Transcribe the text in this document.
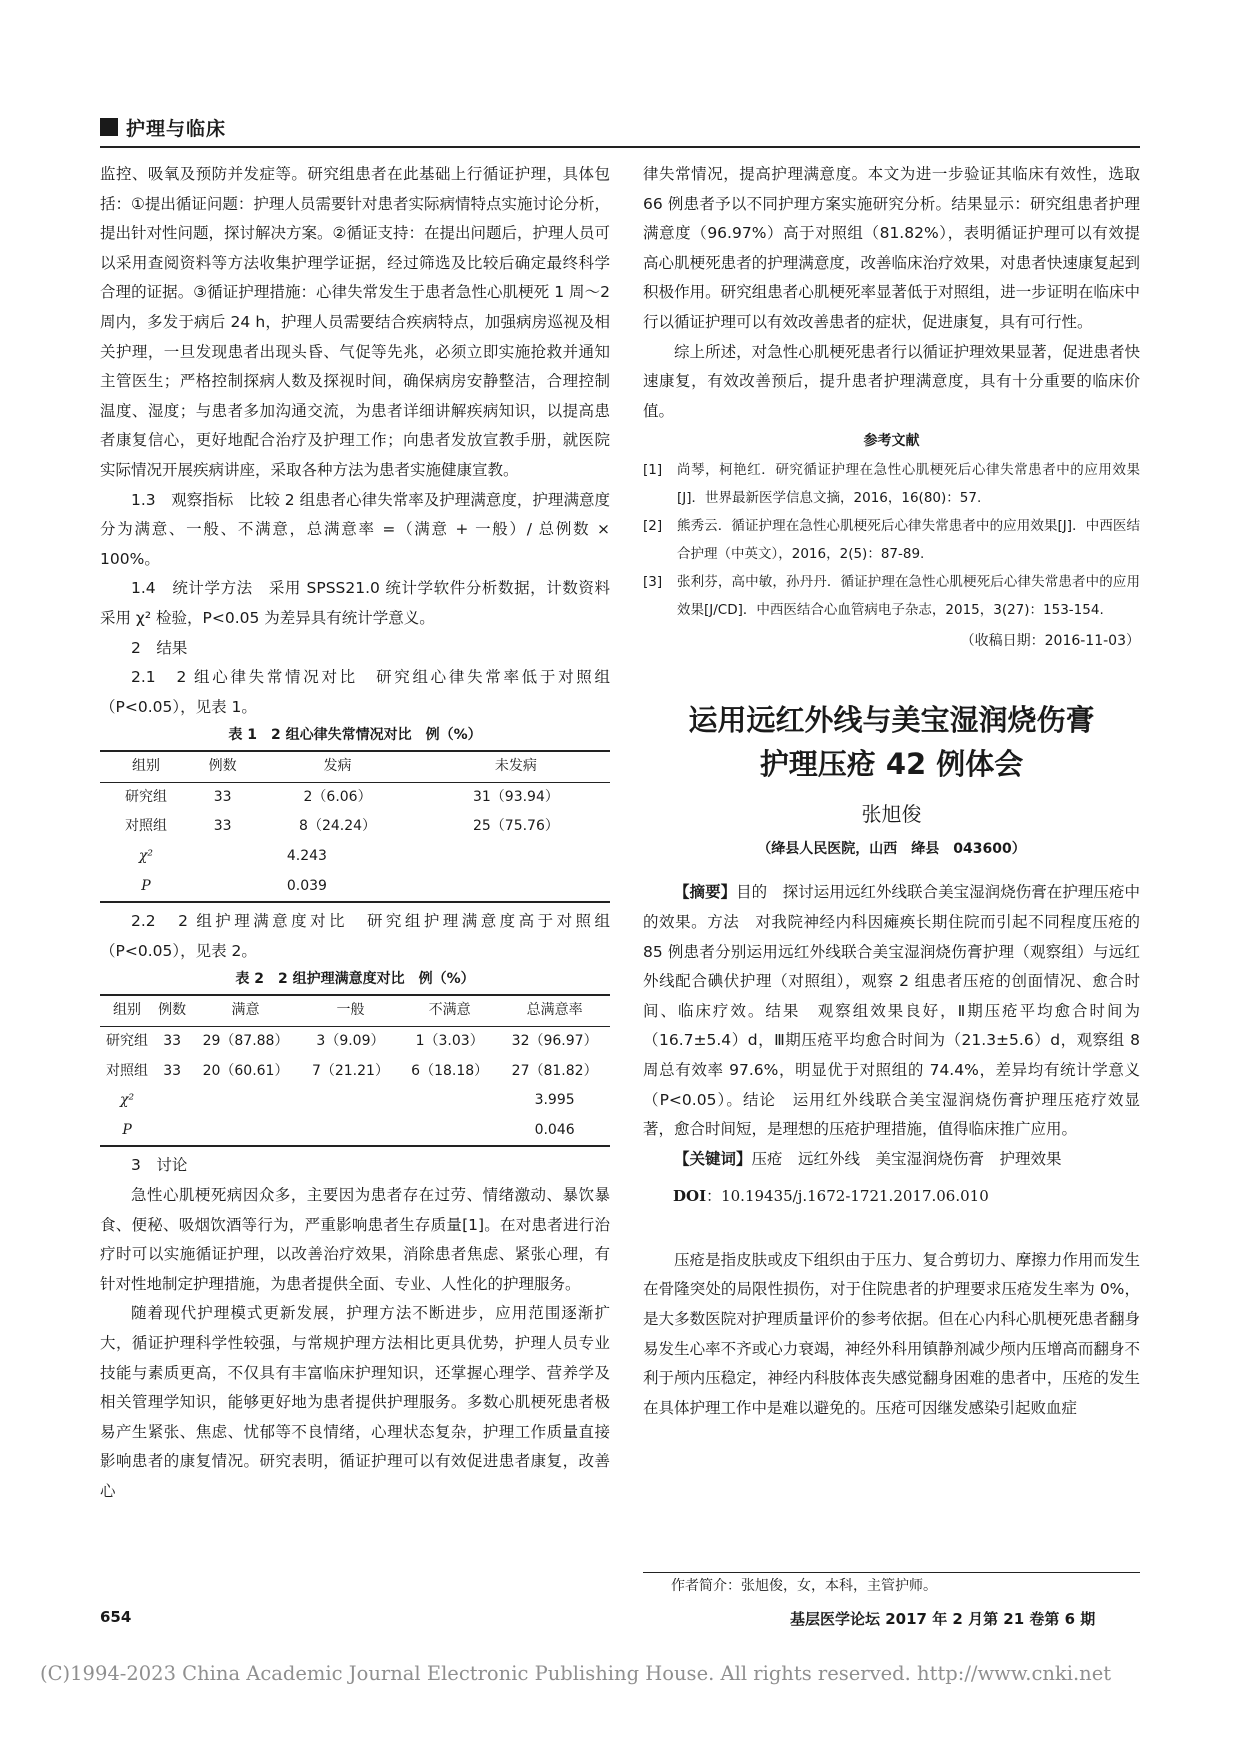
护理与临床

监控、吸氧及预防并发症等。研究组患者在此基础上行循证护理，具体包括：①提出循证问题：护理人员需要针对患者实际病情特点实施讨论分析，提出针对性问题，探讨解决方案。②循证支持：在提出问题后，护理人员可以采用查阅资料等方法收集护理学证据，经过筛选及比较后确定最终科学合理的证据。③循证护理措施：心律失常发生于患者急性心肌梗死 1 周～2 周内，多发于病后 24 h，护理人员需要结合疾病特点，加强病房巡视及相关护理，一旦发现患者出现头昏、气促等先兆，必须立即实施抢救并通知主管医生；严格控制探病人数及探视时间，确保病房安静整洁，合理控制温度、湿度；与患者多加沟通交流，为患者详细讲解疾病知识，以提高患者康复信心，更好地配合治疗及护理工作；向患者发放宣教手册，就医院实际情况开展疾病讲座，采取各种方法为患者实施健康宣教。

1.3　观察指标　比较 2 组患者心律失常率及护理满意度，护理满意度分为满意、一般、不满意，总满意率 =（满意 + 一般）/ 总例数 × 100%。

1.4　统计学方法　采用 SPSS21.0 统计学软件分析数据，计数资料采用 χ² 检验，P<0.05 为差异具有统计学意义。

2　结果

2.1　2 组心律失常情况对比　研究组心律失常率低于对照组（P<0.05），见表 1。

表 1　2 组心律失常情况对比　例（%）
组别	例数	发病	未发病
研究组	33	2（6.06）	31（93.94）
对照组	33	8（24.24）	25（75.76）
χ²	4.243		
P	0.039		

2.2　2 组护理满意度对比　研究组护理满意度高于对照组（P<0.05），见表 2。

表 2　2 组护理满意度对比　例（%）
组别	例数	满意	一般	不满意	总满意率
研究组	33	29（87.88）	3（9.09）	1（3.03）	32（96.97）
对照组	33	20（60.61）	7（21.21）	6（18.18）	27（81.82）
χ²					3.995
P					0.046

3　讨论

急性心肌梗死病因众多，主要因为患者存在过劳、情绪激动、暴饮暴食、便秘、吸烟饮酒等行为，严重影响患者生存质量[1]。在对患者进行治疗时可以实施循证护理，以改善治疗效果，消除患者焦虑、紧张心理，有针对性地制定护理措施，为患者提供全面、专业、人性化的护理服务。

随着现代护理模式更新发展，护理方法不断进步，应用范围逐渐扩大，循证护理科学性较强，与常规护理方法相比更具优势，护理人员专业技能与素质更高，不仅具有丰富临床护理知识，还掌握心理学、营养学及相关管理学知识，能够更好地为患者提供护理服务。多数心肌梗死患者极易产生紧张、焦虑、忧郁等不良情绪，心理状态复杂，护理工作质量直接影响患者的康复情况。研究表明，循证护理可以有效促进患者康复，改善心

律失常情况，提高护理满意度。本文为进一步验证其临床有效性，选取 66 例患者予以不同护理方案实施研究分析。结果显示：研究组患者护理满意度（96.97%）高于对照组（81.82%），表明循证护理可以有效提高心肌梗死患者的护理满意度，改善临床治疗效果，对患者快速康复起到积极作用。研究组患者心肌梗死率显著低于对照组，进一步证明在临床中行以循证护理可以有效改善患者的症状，促进康复，具有可行性。

综上所述，对急性心肌梗死患者行以循证护理效果显著，促进患者快速康复，有效改善预后，提升患者护理满意度，具有十分重要的临床价值。

参考文献
[1]	尚琴，柯艳红．研究循证护理在急性心肌梗死后心律失常患者中的应用效果[J]．世界最新医学信息文摘，2016，16(80)：57.
[2]	熊秀云．循证护理在急性心肌梗死后心律失常患者中的应用效果[J]．中西医结合护理（中英文），2016，2(5)：87-89.
[3]	张利芬，高中敏，孙丹丹．循证护理在急性心肌梗死后心律失常患者中的应用效果[J/CD]．中西医结合心血管病电子杂志，2015，3(27)：153-154.
（收稿日期：2016-11-03）
运用远红外线与美宝湿润烧伤膏
护理压疮 42 例体会
张旭俊
（绛县人民医院，山西　绛县　043600）

【摘要】目的　探讨运用远红外线联合美宝湿润烧伤膏在护理压疮中的效果。方法　对我院神经内科因瘫痪长期住院而引起不同程度压疮的 85 例患者分别运用远红外线联合美宝湿润烧伤膏护理（观察组）与远红外线配合碘伏护理（对照组），观察 2 组患者压疮的创面情况、愈合时间、临床疗效。结果　观察组效果良好，Ⅱ期压疮平均愈合时间为（16.7±5.4）d，Ⅲ期压疮平均愈合时间为（21.3±5.6）d，观察组 8 周总有效率 97.6%，明显优于对照组的 74.4%，差异均有统计学意义（P<0.05）。结论　运用红外线联合美宝湿润烧伤膏护理压疮疗效显著，愈合时间短，是理想的压疮护理措施，值得临床推广应用。

【关键词】压疮　远红外线　美宝湿润烧伤膏　护理效果

DOI：10.19435/j.1672-1721.2017.06.010

压疮是指皮肤或皮下组织由于压力、复合剪切力、摩擦力作用而发生在骨隆突处的局限性损伤，对于住院患者的护理要求压疮发生率为 0%，是大多数医院对护理质量评价的参考依据。但在心内科心肌梗死患者翻身易发生心率不齐或心力衰竭，神经外科用镇静剂减少颅内压增高而翻身不利于颅内压稳定，神经内科肢体丧失感觉翻身困难的患者中，压疮的发生在具体护理工作中是难以避免的。压疮可因继发感染引起败血症

作者简介：张旭俊，女，本科，主管护师。
654	基层医学论坛 2017 年 2 月第 21 卷第 6 期
(C)1994-2023 China Academic Journal Electronic Publishing House. All rights reserved. http://www.cnki.net
